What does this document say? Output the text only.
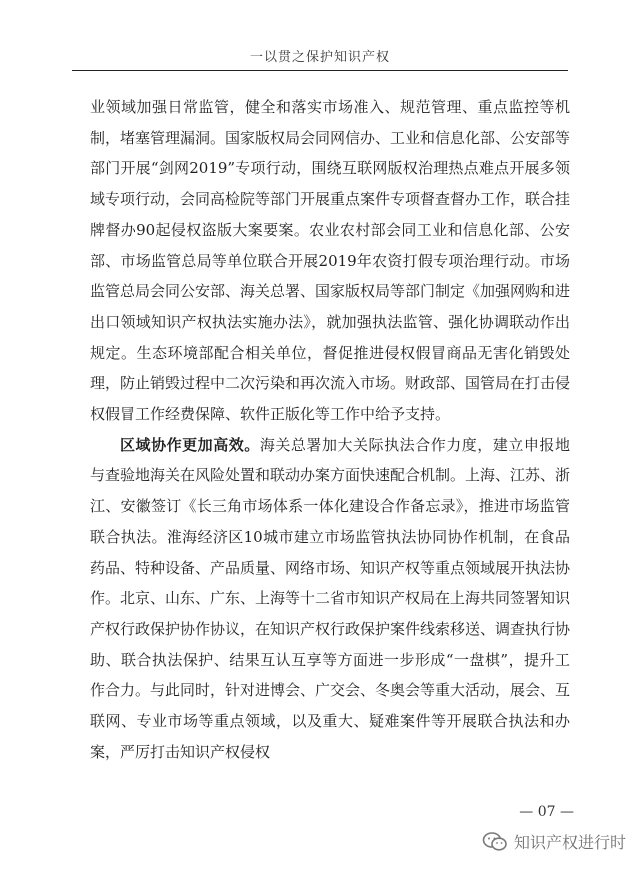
一以贯之保护知识产权

业领域加强日常监管，健全和落实市场准入、规范管理、重点监控等机制，堵塞管理漏洞。国家版权局会同网信办、工业和信息化部、公安部等部门开展“剑网2019”专项行动，围绕互联网版权治理热点难点开展多领域专项行动，会同高检院等部门开展重点案件专项督查督办工作，联合挂牌督办90起侵权盗版大案要案。农业农村部会同工业和信息化部、公安部、市场监管总局等单位联合开展2019年农资打假专项治理行动。市场监管总局会同公安部、海关总署、国家版权局等部门制定《加强网购和进出口领域知识产权执法实施办法》，就加强执法监管、强化协调联动作出规定。生态环境部配合相关单位，督促推进侵权假冒商品无害化销毁处理，防止销毁过程中二次污染和再次流入市场。财政部、国管局在打击侵权假冒工作经费保障、软件正版化等工作中给予支持。

区域协作更加高效。海关总署加大关际执法合作力度，建立申报地与查验地海关在风险处置和联动办案方面快速配合机制。上海、江苏、浙江、安徽签订《长三角市场体系一体化建设合作备忘录》，推进市场监管联合执法。淮海经济区10城市建立市场监管执法协同协作机制，在食品药品、特种设备、产品质量、网络市场、知识产权等重点领域展开执法协作。北京、山东、广东、上海等十二省市知识产权局在上海共同签署知识产权行政保护协作协议，在知识产权行政保护案件线索移送、调查执行协助、联合执法保护、结果互认互享等方面进一步形成“一盘棋”，提升工作合力。与此同时，针对进博会、广交会、冬奥会等重大活动，展会、互联网、专业市场等重点领域，以及重大、疑难案件等开展联合执法和办案，严厉打击知识产权侵权

— 07 —
知识产权进行时
